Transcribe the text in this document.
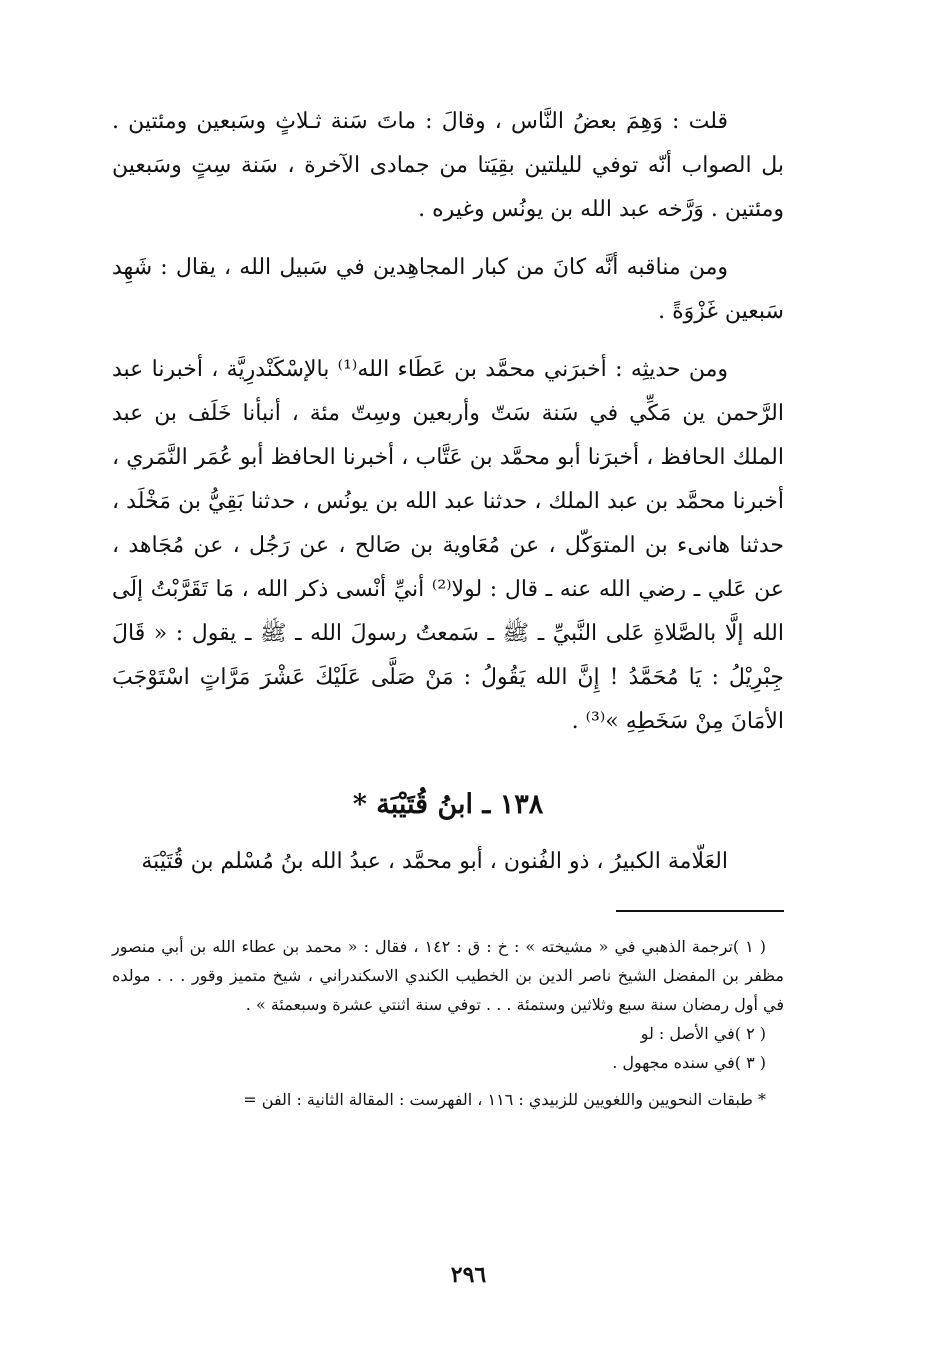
قلت : وَهِمَ بعضُ النَّاس ، وقالَ : ماتَ سَنة ثـلاثٍ وسَبعين ومئتين . بل الصواب أنّه توفي لليلتين بقِيَتا من جمادى الآخرة ، سَنة سِتٍ وسَبعين ومئتين . وَرَّخه عبد الله بن يونُس وغيره .

ومن مناقبه أنَّه كانَ من كبار المجاهِدين في سَبيل الله ، يقال : شَهِد سَبعين غَزْوَةً .

ومن حديثِه : أخبرَني محمَّد بن عَطَاء الله⁽¹⁾ بالإسْكَنْدرِيَّة ، أخبرنا عبد الرَّحمن ين مَكِّي في سَنة سَتّ وأربعين وسِتّ مئة ، أنبأنا خَلَف بن عبد الملك الحافظ ، أخبرَنا أبو محمَّد بن عَتَّاب ، أخبرنا الحافظ أبو عُمَر النَّمَري ، أخبرنا محمَّد بن عبد الملك ، حدثنا عبد الله بن يونُس ، حدثنا بَقِيُّ بن مَخْلَد ، حدثنا هانىء بن المتوَكّل ، عن مُعَاوية بن صَالح ، عن رَجُل ، عن مُجَاهد ، عن عَلي ـ رضي الله عنه ـ قال : لولا⁽²⁾ أنيِّ أنْسى ذكر الله ، مَا تَقَرَّبْتُ إلَى الله إلَّا بالصَّلاةِ عَلى النَّبيِّ ـ ﷺ ـ سَمعتُ رسولَ الله ـ ﷺ ـ يقول : « قَالَ جِبْرِيْلُ : يَا مُحَمَّدُ ! إِنَّ الله يَقُولُ : مَنْ صَلَّى عَلَيْكَ عَشْرَ مَرَّاتٍ اسْتَوْجَبَ الأمَانَ مِنْ سَخَطِهِ »⁽³⁾ .

١٣٨ ـ ابنُ قُتَيْبَة *

العَلّامة الكبيرُ ، ذو الفُنون ، أبو محمَّد ، عبدُ الله بنُ مُسْلم بن قُتَيْبَة

( ١ )ترجمة الذهبي في « مشيخته » : خ : ق : ١٤٢ ، فقال : « محمد بن عطاء الله بن أبي منصور مظفر بن المفضل الشيخ ناصر الدين بن الخطيب الكندي الاسكندراني ، شيخ متميز وقور . . . مولده في أول رمضان سنة سبع وثلاثين وستمئة . . . توفي سنة اثنتي عشرة وسبعمئة » .

( ٢ )في الأصل : لو

( ٣ )في سنده مجهول .

* طبقات النحويين واللغويين للزبيدي : ١١٦ ، الفهرست : المقالة الثانية : الفن =

٢٩٦
